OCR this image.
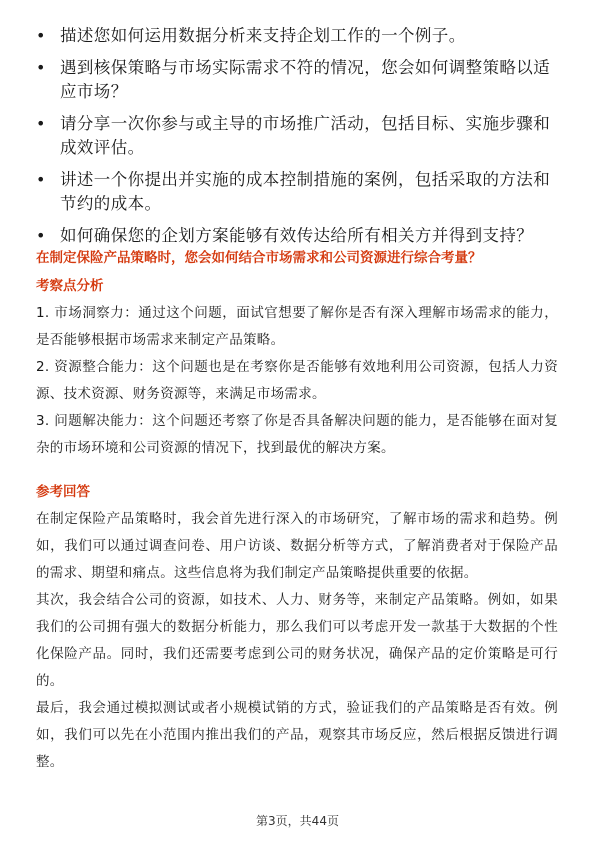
• 描述您如何运用数据分析来支持企划工作的一个例子。
• 遇到核保策略与市场实际需求不符的情况，您会如何调整策略以适应市场？
• 请分享一次你参与或主导的市场推广活动，包括目标、实施步骤和成效评估。
• 讲述一个你提出并实施的成本控制措施的案例，包括采取的方法和节约的成本。
• 如何确保您的企划方案能够有效传达给所有相关方并得到支持？
在制定保险产品策略时，您会如何结合市场需求和公司资源进行综合考量？
考察点分析
1. 市场洞察力：通过这个问题，面试官想要了解你是否有深入理解市场需求的能力，是否能够根据市场需求来制定产品策略。
2. 资源整合能力：这个问题也是在考察你是否能够有效地利用公司资源，包括人力资源、技术资源、财务资源等，来满足市场需求。
3. 问题解决能力：这个问题还考察了你是否具备解决问题的能力，是否能够在面对复杂的市场环境和公司资源的情况下，找到最优的解决方案。
参考回答
在制定保险产品策略时，我会首先进行深入的市场研究，了解市场的需求和趋势。例如，我们可以通过调查问卷、用户访谈、数据分析等方式，了解消费者对于保险产品的需求、期望和痛点。这些信息将为我们制定产品策略提供重要的依据。
其次，我会结合公司的资源，如技术、人力、财务等，来制定产品策略。例如，如果我们的公司拥有强大的数据分析能力，那么我们可以考虑开发一款基于大数据的个性化保险产品。同时，我们还需要考虑到公司的财务状况，确保产品的定价策略是可行的。
最后，我会通过模拟测试或者小规模试销的方式，验证我们的产品策略是否有效。例如，我们可以先在小范围内推出我们的产品，观察其市场反应，然后根据反馈进行调整。
第3页，共44页
